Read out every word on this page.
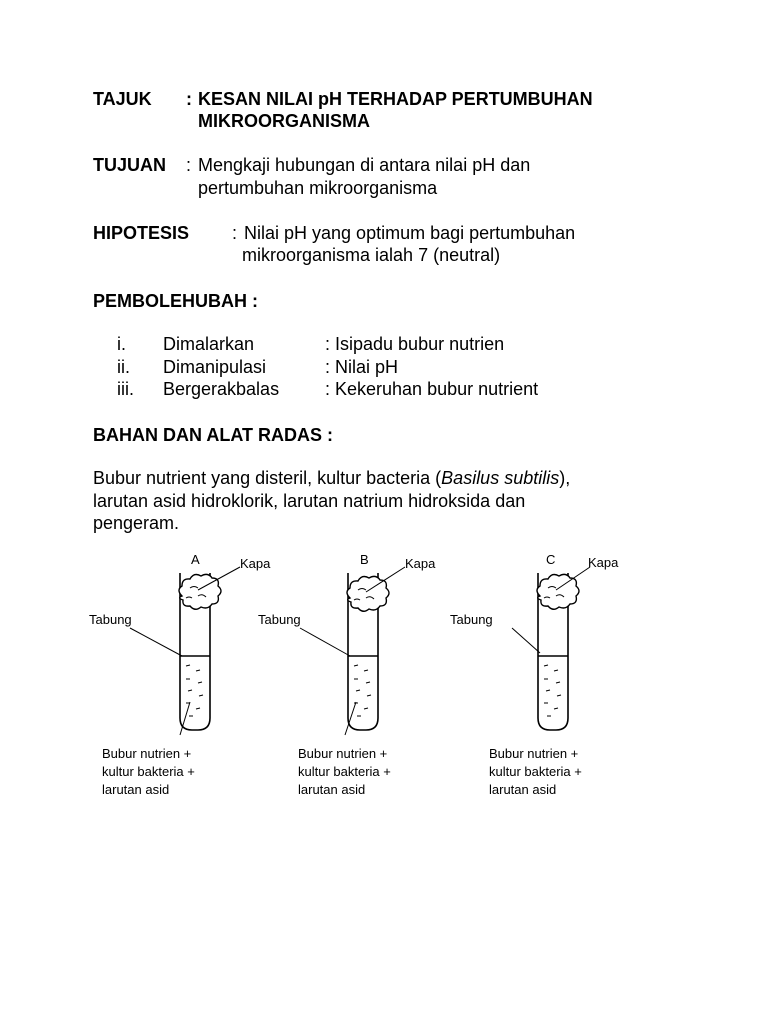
TAJUK : KESAN NILAI pH TERHADAP PERTUMBUHAN
MIKROORGANISMA
TUJUAN : Mengkaji hubungan di antara nilai pH dan
pertumbuhan mikroorganisma
HIPOTESIS : Nilai pH yang optimum bagi pertumbuhan
mikroorganisma ialah 7 (neutral)
PEMBOLEHUBAH :
i. Dimalarkan	: Isipadu bubur nutrien
ii. Dimanipulasi	: Nilai pH
iii. Bergerakbalas	: Kekeruhan bubur nutrient
BAHAN DAN ALAT RADAS :
Bubur nutrient yang disteril, kultur bacteria (Basilus subtilis),
larutan asid hidrokl﻿orik, larutan natrium hidroksida dan
pengeram.
A	Kapa
Tabung
Bubur nutrien +
kultur bakteria +
larutan asid
B	Kapa
Tabung
Bubur nutrien +
kultur bakteria +
larutan asid
C	Kapa
Tabung
Bubur nutrien +
kultur bakteria +
larutan asid
